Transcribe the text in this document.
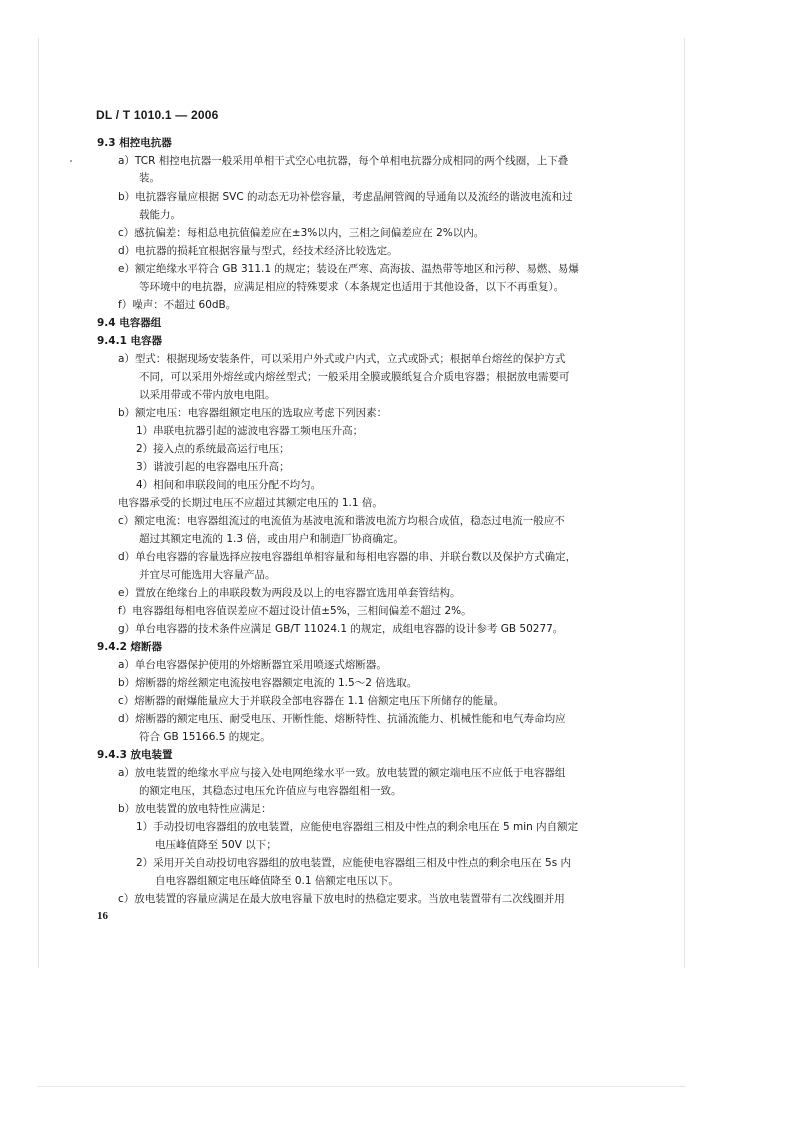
DL / T 1010.1 — 2006
9.3 相控电抗器
a）TCR 相控电抗器一般采用单相干式空心电抗器，每个单相电抗器分成相同的两个线圈，上下叠
装。
b）电抗器容量应根据 SVC 的动态无功补偿容量，考虑晶闸管阀的导通角以及流经的谐波电流和过
载能力。
c）感抗偏差：每相总电抗值偏差应在±3%以内，三相之间偏差应在 2%以内。
d）电抗器的损耗宜根据容量与型式，经技术经济比较选定。
e）额定绝缘水平符合 GB 311.1 的规定；装设在严寒、高海拔、温热带等地区和污秽、易燃、易爆
等环境中的电抗器，应满足相应的特殊要求（本条规定也适用于其他设备，以下不再重复）。
f）噪声：不超过 60dB。
9.4 电容器组
9.4.1 电容器
a）型式：根据现场安装条件，可以采用户外式或户内式，立式或卧式；根据单台熔丝的保护方式
不同，可以采用外熔丝或内熔丝型式；一般采用全膜或膜纸复合介质电容器；根据放电需要可
以采用带或不带内放电电阻。
b）额定电压：电容器组额定电压的选取应考虑下列因素：
1）串联电抗器引起的滤波电容器工频电压升高；
2）接入点的系统最高运行电压；
3）谐波引起的电容器电压升高；
4）相间和串联段间的电压分配不均匀。
电容器承受的长期过电压不应超过其额定电压的 1.1 倍。
c）额定电流：电容器组流过的电流值为基波电流和谐波电流方均根合成值，稳态过电流一般应不
超过其额定电流的 1.3 倍，或由用户和制造厂协商确定。
d）单台电容器的容量选择应按电容器组单相容量和每相电容器的串、并联台数以及保护方式确定，
并宜尽可能选用大容量产品。
e）置放在绝缘台上的串联段数为两段及以上的电容器宜选用单套管结构。
f）电容器组每相电容值误差应不超过设计值±5%，三相间偏差不超过 2%。
g）单台电容器的技术条件应满足 GB/T 11024.1 的规定，成组电容器的设计参考 GB 50277。
9.4.2 熔断器
a）单台电容器保护使用的外熔断器宜采用喷逐式熔断器。
b）熔断器的熔丝额定电流按电容器额定电流的 1.5～2 倍选取。
c）熔断器的耐爆能量应大于并联段全部电容器在 1.1 倍额定电压下所储存的能量。
d）熔断器的额定电压、耐受电压、开断性能、熔断特性、抗涌流能力、机械性能和电气寿命均应
符合 GB 15166.5 的规定。
9.4.3 放电装置
a）放电装置的绝缘水平应与接入处电网绝缘水平一致。放电装置的额定端电压不应低于电容器组
的额定电压，其稳态过电压允许值应与电容器组相一致。
b）放电装置的放电特性应满足：
1）手动投切电容器组的放电装置，应能使电容器组三相及中性点的剩余电压在 5 min 内自额定
电压峰值降至 50V 以下；
2）采用开关自动投切电容器组的放电装置，应能使电容器组三相及中性点的剩余电压在 5s 内
自电容器组额定电压峰值降至 0.1 倍额定电压以下。
c）放电装置的容量应满足在最大放电容量下放电时的热稳定要求。当放电装置带有二次线圈并用
16
